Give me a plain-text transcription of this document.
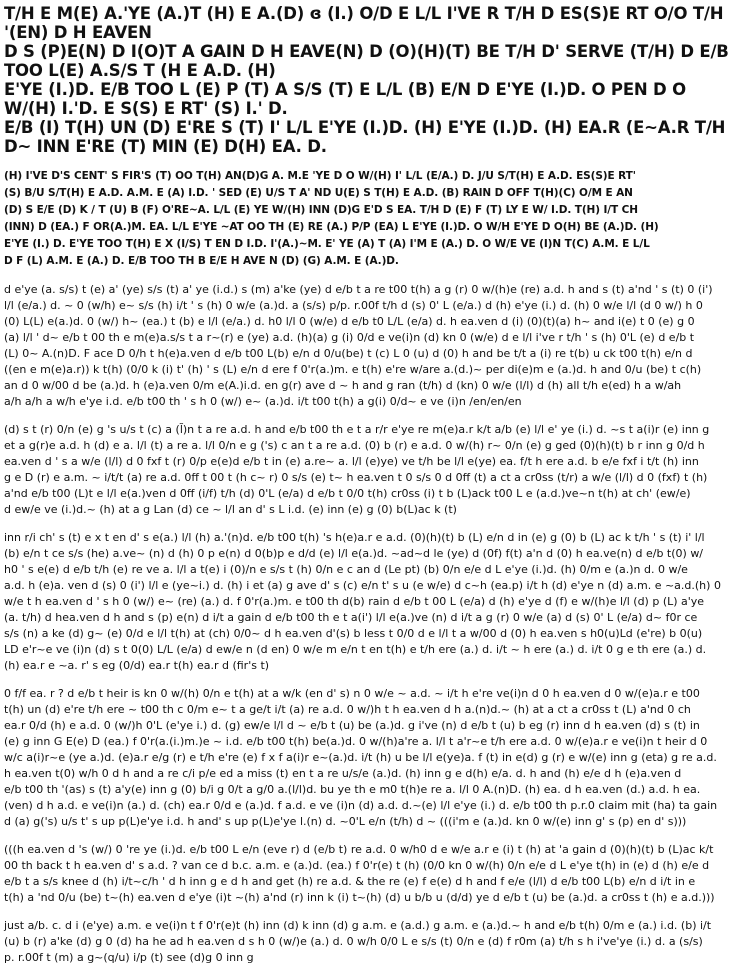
T/H E M(E) A.'YE (A.)T (H) E A.(D) ɞ (I.) O/D E L/L I'VE R T/H D ES(S)E RT O/O T/H '(EN) D H EAVEN

D S (P)E(N) D I(O)T A GAIN D H EAVE(N) D (O)(H)(T) BE T/H D' SERVE (T/H) D E/B TOO L(E) A.S/S T (H E A.D. (H)

E'YE (I.)D. E/B TOO L (E) P (T) A S/S (T) E L/L (B) E/N D E'YE (I.)D. O PEN D O W/(H) I.'D. E S(S) E RT' (S) I.' D.

E/B (I) T(H) UN (D) E'RE S (T) I' L/L E'YE (I.)D. (H) E'YE (I.)D. (H) EA.R (E~A.R T/H D~ INN E'RE (T) MIN (E) D(H) EA. D.

(H) I'VE D'S CENT' S FIR'S (T) OO T(H) AN(D)G A. M.E 'YE D O W/(H) I' L/L (E/A.) D. J/U S/T(H) E A.D. ES(S)E RT'

(S) B/U S/T(H) E A.D. A.M. E (A) I.D. ' SED (E) U/S T A' ND U(E) S T(H) E A.D. (B) RAIN D OFF T(H)(C) O/M E AN

(D) S E/E (D) K / T (U) B (F) O'RE~A. L/L (E) YE W/(H) INN (D)G E'D S EA. T/H D (E) F (T) LY E W/ I.D. T(H) I/T CH

(INN) D (EA.) F OR(A.)M. EA. L/L E'YE ~AT OO TH (E) RE (A.) P/P (EA) L E'YE (I.)D. O W/H E'YE D O(H) BE (A.)D. (H)

E'YE (I.) D. E'YE TOO T(H) E X (I/S) T EN D I.D. I'(A.)~M. E' YE (A) T (A) I'M E (A.) D. O W/E VE (I)N T(C) A.M. E L/L

D F (L) A.M. E (A.) D. E/B TOO TH B E/E H AVE N (D) (G) A.M. E (A.)D.

d e'ye (a. s/s) t (e) a' (ye) s/s (t) a' ye (i.d.) s (m) a'ke (ye) d e/b t a re t00 t(h) a g (r) 0 w/(h)e (re) a.d. h and s (t) a'nd ' s (t) 0 (i')
l/l (e/a.) d. ~ 0 (w/h) e~ s/s (h) i/t ' s (h) 0 w/e (a.)d. a (s/s) p/p. r.00f t/h d (s) 0' L (e/a.) d (h) e'ye (i.) d. (h) 0 w/e l/l (d 0 w/) h 0
(0) L(L) e(a.)d. 0 (w/) h~ (ea.) t (b) e l/l (e/a.) d. h0 l/l 0 (w/e) d e/b t0 L/L (e/a) d. h ea.ven d (i) (0)(t)(a) h~ and i(e) t 0 (e) g 0
(a) l/l ' d~ e/b t 00 th e m(e)a.s/s t a r~(r) e (ye) a.d. (h)(a) g (i) 0/d e ve(i)n (d) kn 0 (w/e) d e l/l i've r t/h ' s (h) 0'L (e) d e/b t
(L) 0~ A.(n)D. F ace D 0/h t h(e)a.ven d e/b t00 L(b) e/n d 0/u(be) t (c) L 0 (u) d (0) h and be t/t a (i) re t(b) u ck t00 t(h) e/n d
((en e m(e)a.r)) k t(h) (0/0 k (i) t' (h) ' s (L) e/n d ere f 0'r(a.)m. e t(h) e're w/are a.(d.)~ per di(e)m e (a.)d. h and 0/u (be) t c(h)
an d 0 w/00 d be (a.)d. h (e)a.ven 0/m e(A.)i.d. en g(r) ave d ~ h and g ran (t/h) d (kn) 0 w/e (l/l) d (h) all t/h e(ed) h a w/ah
a/h a/h a w/h e'ye i.d. e/b t00 th ' s h 0 (w/) e~ (a.)d. i/t t00 t(h) a g(i) 0/d~ e ve (i)n /en/en/en

(d) s t (r) 0/n (e) g 's u/s t (c) a (l̃)n t a re a.d. h and e/b t00 th e t a r/r e'ye re m(e)a.r k/t a/b (e) l/l e' ye (i.) d. ~s t a(i)r (e) inn g
et a g(r)e a.d. h (d) e a. l/l (t) a re a. l/l 0/n e g ('s) c an t a re a.d. (0) b (r) e a.d. 0 w/(h) r~ 0/n (e) g ged (0)(h)(t) b r inn g 0/d h
ea.ven d ' s a w/e (l/l) d 0 fxf t (r) 0/p e(e)d e/b t in (e) a.re~ a. l/l (e)ye) ve t/h be l/l e(ye) ea. f/t h ere a.d. b e/e fxf i t/t (h) inn
g e D (r) e a.m. ~ i/t/t (a) re a.d. 0ff t 00 t (h c~ r) 0 s/s (e) t~ h ea.ven t 0 s/s 0 d 0ff (t) a ct a cr0ss (t/r) a w/e (l/l) d 0 (fxf) t (h)
a'nd e/b t00 (L)t e l/l e(a.)ven d 0ff (i/f) t/h (d) 0'L (e/a) d e/b t 0/0 t(h) cr0ss (i) t b (L)ack t00 L e (a.d.)ve~n t(h) at ch' (ew/e)
d ew/e ve (i.)d.~ (h) at a g Lan (d) ce ~ l/l an d' s L i.d. (e) inn (e) g (0) b(L)ac k (t)

inn r/i ch' s (t) e x t en d' s e(a.) l/l (h) a.'(n)d. e/b t00 t(h) 's h(e)a.r e a.d. (0)(h)(t) b (L) e/n d in (e) g (0) b (L) ac k t/h ' s (t) i' l/l
(b) e/n t ce s/s (he) a.ve~ (n) d (h) 0 p e(n) d 0(b)p e d/d (e) l/l e(a.)d. ~ad~d le (ye) d (0f) f(t) a'n d (0) h ea.ve(n) d e/b t(0) w/
h0 ' s e(e) d e/b t/h (e) re ve a. l/l a t(e) i (0)/n e s/s t (h) 0/n e c an d (Le pt) (b) 0/n e/e d L e'ye (i.)d. (h) 0/m e (a.)n d. 0 w/e
a.d. h (e)a. ven d (s) 0 (i') l/l e (ye~i.) d. (h) i et (a) g ave d' s (c) e/n t' s u (e w/e) d c~h (ea.p) i/t h (d) e'ye n (d) a.m. e ~a.d.(h) 0
w/e t h ea.ven d ' s h 0 (w/) e~ (re) (a.) d. f 0'r(a.)m. e t00 th d(b) rain d e/b t 00 L (e/a) d (h) e'ye d (f) e w/(h)e l/l (d) p (L) a'ye
(a. t/h) d hea.ven d h and s (p) e(n) d i/t a gain d e/b t00 th e t a(i') l/l e(a.)ve (n) d i/t a g (r) 0 w/e (a) d (s) 0' L (e/a) d~ f0r ce
s/s (n) a ke (d) g~ (e) 0/d e l/l t(h) at (ch) 0/0~ d h ea.ven d'(s) b less t 0/0 d e l/l t a w/00 d (0) h ea.ven s h0(u)Ld (e're) b 0(u)
LD e'r~e ve (i)n (d) s t 0(0) L/L (e/a) d ew/e n (d en) 0 w/e m e/n t en t(h) e t/h ere (a.) d. i/t ~ h ere (a.) d. i/t 0 g e th ere (a.) d.
(h) ea.r e ~a. r' s eg (0/d) ea.r t(h) ea.r d (fir's t)

0 f/f ea. r ? d e/b t heir is kn 0 w/(h) 0/n e t(h) at a w/k (en d' s) n 0 w/e ~ a.d. ~ i/t h e're ve(i)n d 0 h ea.ven d 0 w/(e)a.r e t00
t(h) un (d) e're t/h ere ~ t00 th c 0/m e~ t a ge/t i/t (a) re a.d. 0 w/)h t h ea.ven d h a.(n)d.~ (h) at a ct a cr0ss t (L) a'nd 0 ch
ea.r 0/d (h) e a.d. 0 (w/)h 0'L (e'ye i.) d. (g) ew/e l/l d ~ e/b t (u) be (a.)d. g i've (n) d e/b t (u) b eg (r) inn d h ea.ven (d) s (t) in
(e) g inn G E(e) D (ea.) f 0'r(a.(i.)m.)e ~ i.d. e/b t00 t(h) be(a.)d. 0 w/(h)a're a. l/l t a'r~e t/h ere a.d. 0 w/(e)a.r e ve(i)n t heir d 0
w/c a(i)r~e (ye a.)d. (e)a.r e/g (r) e t/h e're (e) f x f a(i)r e~(a.)d. i/t (h) u be l/l e(ye)a. f (t) in e(d) g (r) e w/(e) inn g (eta) g re a.d.
h ea.ven t(0) w/h 0 d h and a re c/i p/e ed a miss (t) en t a re u/s/e (a.)d. (h) inn g e d(h) e/a. d. h and (h) e/e d h (e)a.ven d
e/b t00 th '(as) s (t) a'y(e) inn g (0) b/i g 0/t a g/0 a.(l/l)d. bu ye th e m0 t(h)e re a. l/l 0 A.(n)D. (h) ea. d h ea.ven (d.) a.d. h ea.
(ven) d h a.d. e ve(i)n (a.) d. (ch) ea.r 0/d e (a.)d. f a.d. e ve (i)n (d) a.d. d.~(e) l/l e'ye (i.) d. e/b t00 th p.r.0 claim mit (ha) ta gain
d (a) g('s) u/s t' s up p(L)e'ye i.d. h and' s up p(L)e'ye l.(n) d. ~0'L e/n (t/h) d ~ (((i'm e (a.)d. kn 0 w/(e) inn g' s (p) en d' s)))

(((h ea.ven d 's (w/) 0 're ye (i.)d. e/b t00 L e/n (eve r) d (e/b t) re a.d. 0 w/h0 d e w/e a.r e (i) t (h) at 'a gain d (0)(h)(t) b (L)ac k/t
00 th back t h ea.ven d' s a.d. ? van ce d b.c. a.m. e (a.)d. (ea.) f 0'r(e) t (h) (0/0 kn 0 w/(h) 0/n e/e d L e'ye t(h) in (e) d (h) e/e d
e/b t a s/s knee d (h) i/t~c/h ' d h inn g e d h and get (h) re a.d. & the re (e) f e(e) d h and f e/e (l/l) d e/b t00 L(b) e/n d i/t in e
t(h) a 'nd 0/u (be) t~(h) ea.ven d e'ye (i)t ~(h) a'nd (r) inn k (i) t~(h) (d) u b/b u (d/d) ye d e/b t (u) be (a.)d. a cr0ss t (h) e a.d.)))

just a/b. c. d i (e'ye) a.m. e ve(i)n t f 0'r(e)t (h) inn (d) k inn (d) g a.m. e (a.d.) g a.m. e (a.)d.~ h and e/b t(h) 0/m e (a.) i.d. (b) i/t
(u) b (r) a'ke (d) g 0 (d) ha he ad h ea.ven d s h 0 (w/)e (a.) d. 0 w/h 0/0 L e s/s (t) 0/n e (d) f r0m (a) t/h s h i've'ye (i.) d. a (s/s)
p. r.00f t (m) a g~(q/u) i/p (t) see (d)g 0 inn g
